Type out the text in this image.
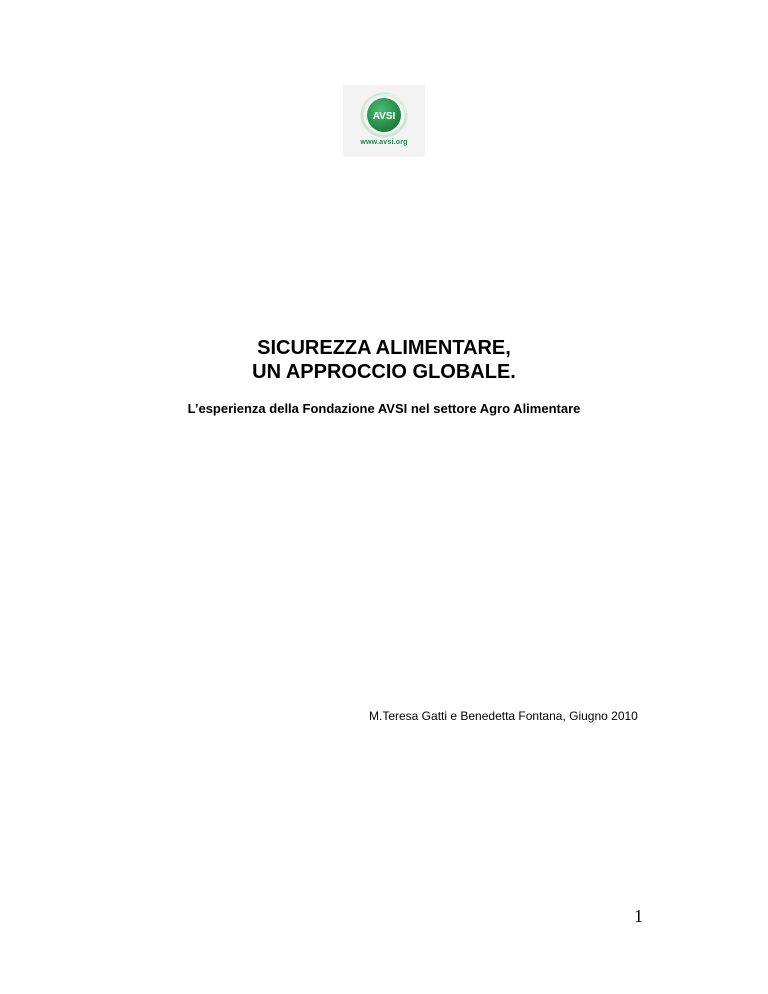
AVSI
www.avsi.org
SICUREZZA ALIMENTARE,
UN APPROCCIO GLOBALE.
L’esperienza della Fondazione AVSI nel settore Agro Alimentare
M.Teresa Gatti e Benedetta Fontana, Giugno 2010
1
